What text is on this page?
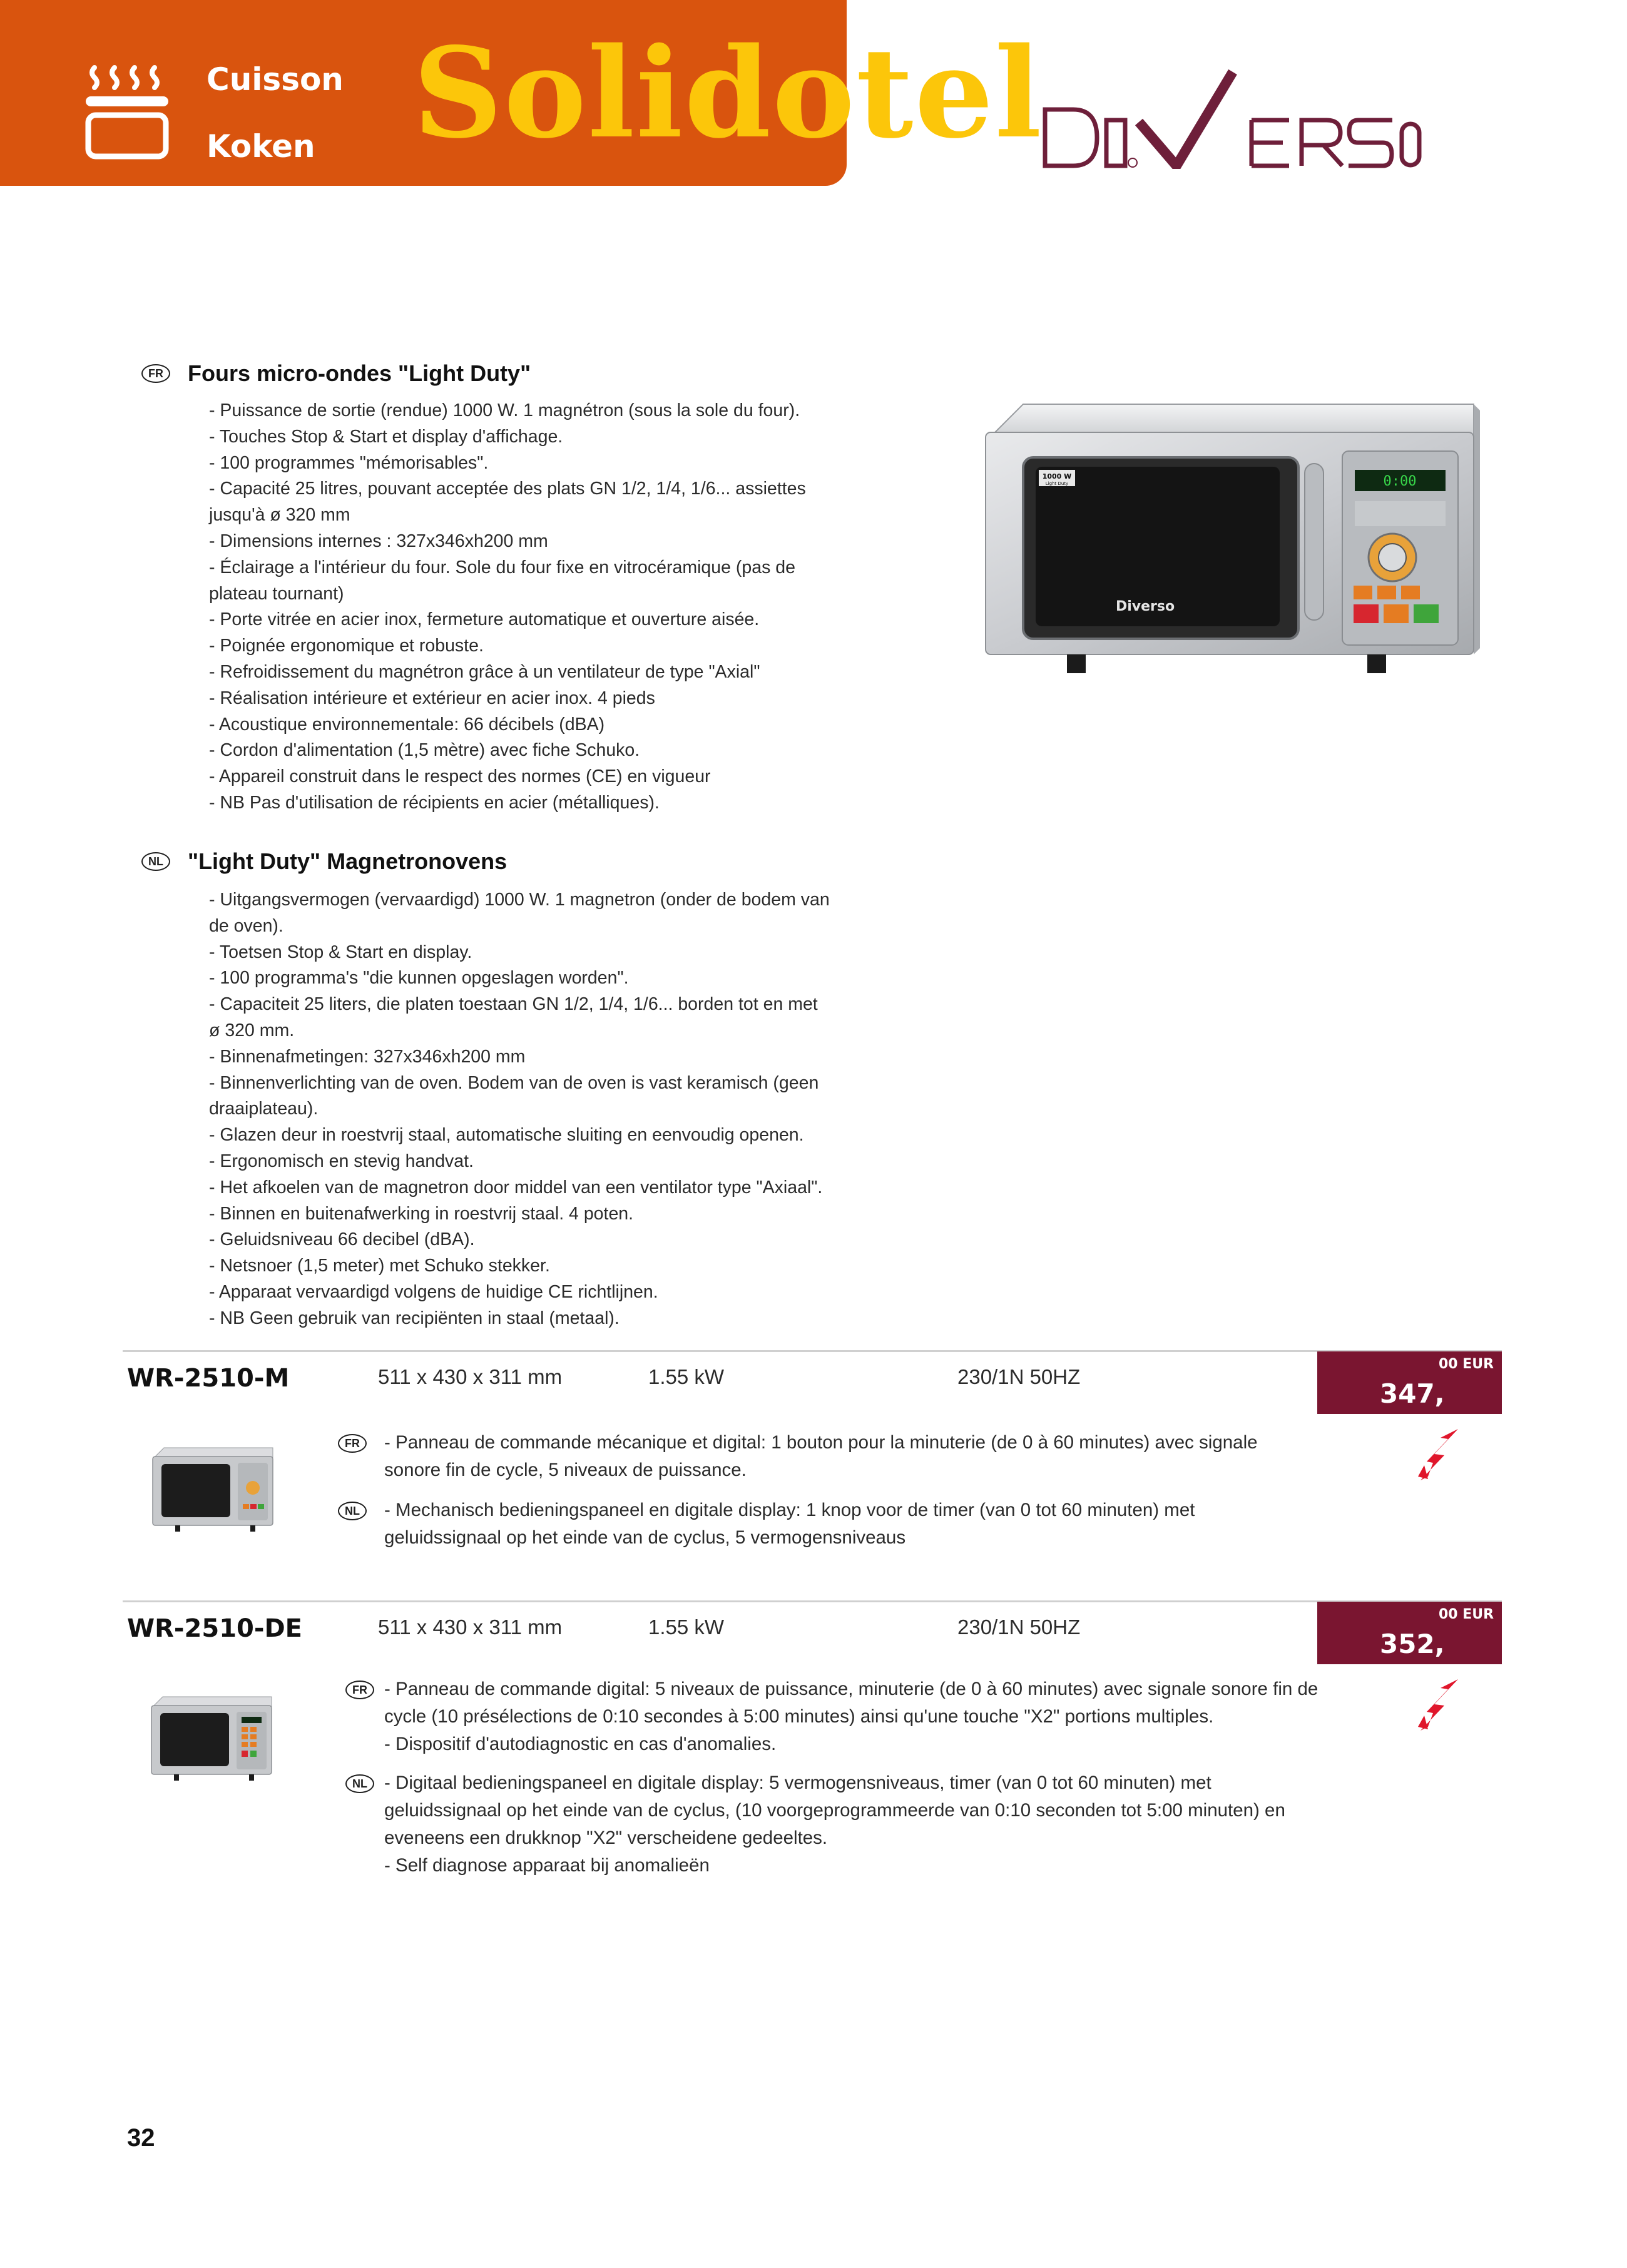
Cuisson
Koken Solidotel
FR	Fours micro-ondes "Light Duty"
- Puissance de sortie (rendue) 1000 W. 1 magnétron (sous la sole du four).
- Touches Stop & Start et display d'affichage.
- 100 programmes "mémorisables".
- Capacité 25 litres, pouvant acceptée des plats GN 1/2, 1/4, 1/6... assiettes
jusqu'à ø 320 mm
- Dimensions internes : 327x346xh200 mm
- Éclairage a l'intérieur du four. Sole du four fixe en vitrocéramique (pas de
plateau tournant)
- Porte vitrée en acier inox, fermeture automatique et ouverture aisée.
- Poignée ergonomique et robuste.
- Refroidissement du magnétron grâce à un ventilateur de type "Axial"
- Réalisation intérieure et extérieur en acier inox. 4 pieds
- Acoustique environnementale: 66 décibels (dBA)
- Cordon d'alimentation (1,5 mètre) avec fiche Schuko.
- Appareil construit dans le respect des normes (CE) en vigueur
- NB Pas d'utilisation de récipients en acier (métalliques).
1000 W
Light Duty
Diverso
0:00
NL	"Light Duty" Magnetronovens
- Uitgangsvermogen (vervaardigd) 1000 W. 1 magnetron (onder de bodem van
de oven).
- Toetsen Stop & Start en display.
- 100 programma's "die kunnen opgeslagen worden".
- Capaciteit 25 liters, die platen toestaan GN 1/2, 1/4, 1/6... borden tot en met
ø 320 mm.
- Binnenafmetingen: 327x346xh200 mm
- Binnenverlichting van de oven. Bodem van de oven is vast keramisch (geen
draaiplateau).
- Glazen deur in roestvrij staal, automatische sluiting en eenvoudig openen.
- Ergonomisch en stevig handvat.
- Het afkoelen van de magnetron door middel van een ventilator type "Axiaal".
- Binnen en buitenafwerking in roestvrij staal. 4 poten.
- Geluidsniveau 66 decibel (dBA).
- Netsnoer (1,5 meter) met Schuko stekker.
- Apparaat vervaardigd volgens de huidige CE richtlijnen.
- NB Geen gebruik van recipiënten in staal (metaal).
WR-2510-M	511 x 430 x 311 mm	1.55 kW	230/1N 50HZ
347,
00 EUR
FR	- Panneau de commande mécanique et digital: 1 bouton pour la minuterie (de 0 à 60 minutes) avec signale
sonore fin de cycle, 5 niveaux de puissance.
NL	- Mechanisch bedieningspaneel en digitale display: 1 knop voor de timer (van 0 tot 60 minuten) met
geluidssignaal op het einde van de cyclus, 5 vermogensniveaus
WR-2510-DE	511 x 430 x 311 mm	1.55 kW	230/1N 50HZ
352,
00 EUR
FR - Panneau de commande digital: 5 niveaux de puissance, minuterie (de 0 à 60 minutes) avec signale sonore fin de
cycle (10 présélections de 0:10 secondes à 5:00 minutes) ainsi qu'une touche "X2" portions multiples.
- Dispositif d'autodiagnostic en cas d'anomalies.
NL - Digitaal bedieningspaneel en digitale display: 5 vermogensniveaus, timer (van 0 tot 60 minuten) met
geluidssignaal op het einde van de cyclus, (10 voorgeprogrammeerde van 0:10 seconden tot 5:00 minuten) en
eveneens een drukknop "X2" verscheidene gedeeltes.
- Self diagnose apparaat bij anomalieën
32
